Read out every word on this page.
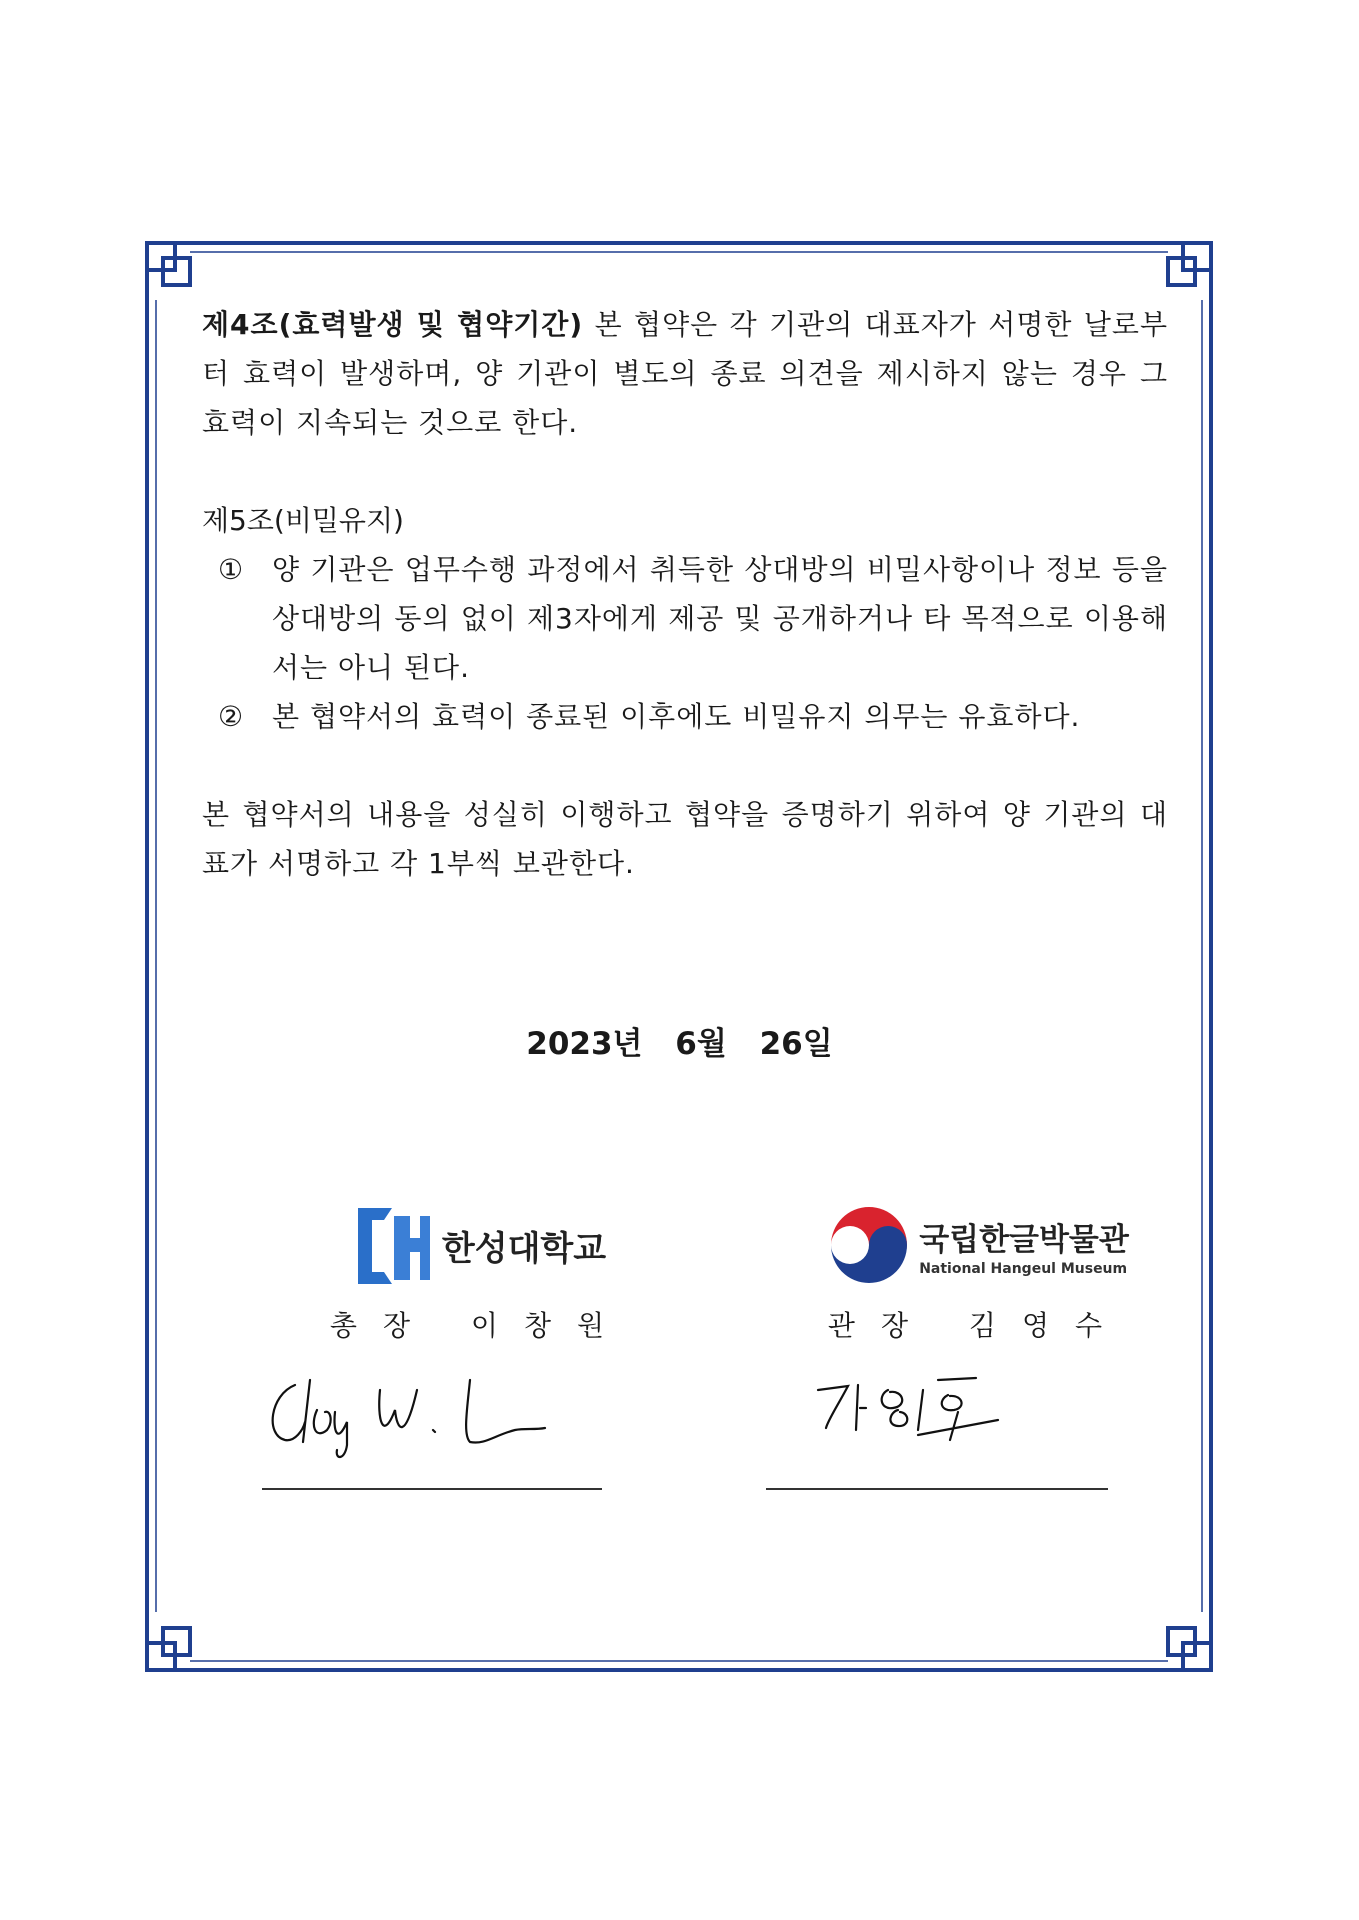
제4조(효력발생 및 협약기간) 본 협약은 각 기관의 대표자가 서명한 날로부터 효력이 발생하며, 양 기관이 별도의 종료 의견을 제시하지 않는 경우 그 효력이 지속되는 것으로 한다.

제5조(비밀유지)

① 양 기관은 업무수행 과정에서 취득한 상대방의 비밀사항이나 정보 등을 상대방의 동의 없이 제3자에게 제공 및 공개하거나 타 목적으로 이용해서는 아니 된다.
② 본 협약서의 효력이 종료된 이후에도 비밀유지 의무는 유효하다.

본 협약서의 내용을 성실히 이행하고 협약을 증명하기 위하여 양 기관의 대표가 서명하고 각 1부씩 보관한다.

2023년 6월 26일
한성대학교
총장 이창원
국립한글박물관
National Hangeul Museum
관장 김영수
